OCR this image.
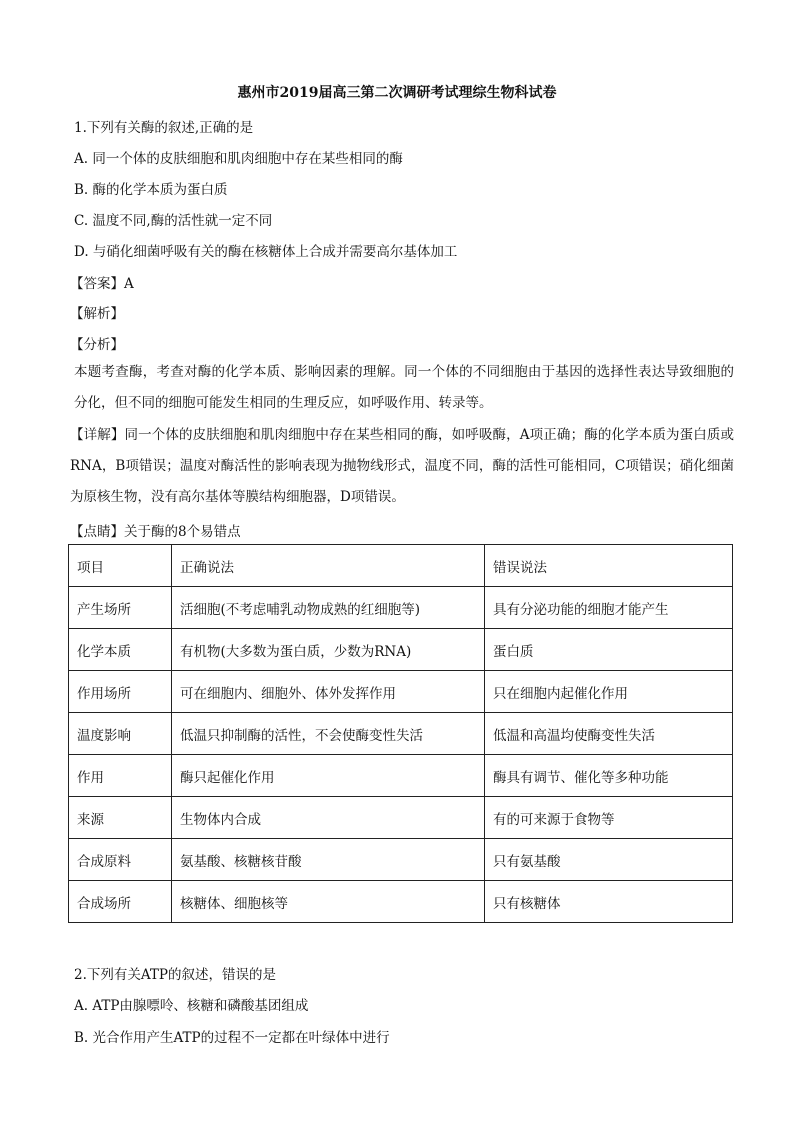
惠州市2019届高三第二次调研考试理综生物科试卷
1.下列有关酶的叙述,正确的是
A. 同一个体的皮肤细胞和肌肉细胞中存在某些相同的酶
B. 酶的化学本质为蛋白质
C. 温度不同,酶的活性就一定不同
D. 与硝化细菌呼吸有关的酶在核糖体上合成并需要高尔基体加工
【答案】A
【解析】
【分析】
本题考查酶，考查对酶的化学本质、影响因素的理解。同一个体的不同细胞由于基因的选择性表达导致细胞的分化，但不同的细胞可能发生相同的生理反应，如呼吸作用、转录等。
【详解】同一个体的皮肤细胞和肌肉细胞中存在某些相同的酶，如呼吸酶，A项正确；酶的化学本质为蛋白质或RNA，B项错误；温度对酶活性的影响表现为抛物线形式，温度不同，酶的活性可能相同，C项错误；硝化细菌为原核生物，没有高尔基体等膜结构细胞器，D项错误。
【点睛】关于酶的8个易错点
项目	正确说法	错误说法
产生场所	活细胞(不考虑哺乳动物成熟的红细胞等)	具有分泌功能的细胞才能产生
化学本质	有机物(大多数为蛋白质，少数为RNA)	蛋白质
作用场所	可在细胞内、细胞外、体外发挥作用	只在细胞内起催化作用
温度影响	低温只抑制酶的活性，不会使酶变性失活	低温和高温均使酶变性失活
作用	酶只起催化作用	酶具有调节、催化等多种功能
来源	生物体内合成	有的可来源于食物等
合成原料	氨基酸、核糖核苷酸	只有氨基酸
合成场所	核糖体、细胞核等	只有核糖体
2.下列有关ATP的叙述，错误的是
A. ATP由腺嘌呤、核糖和磷酸基团组成
B. 光合作用产生ATP的过程不一定都在叶绿体中进行
